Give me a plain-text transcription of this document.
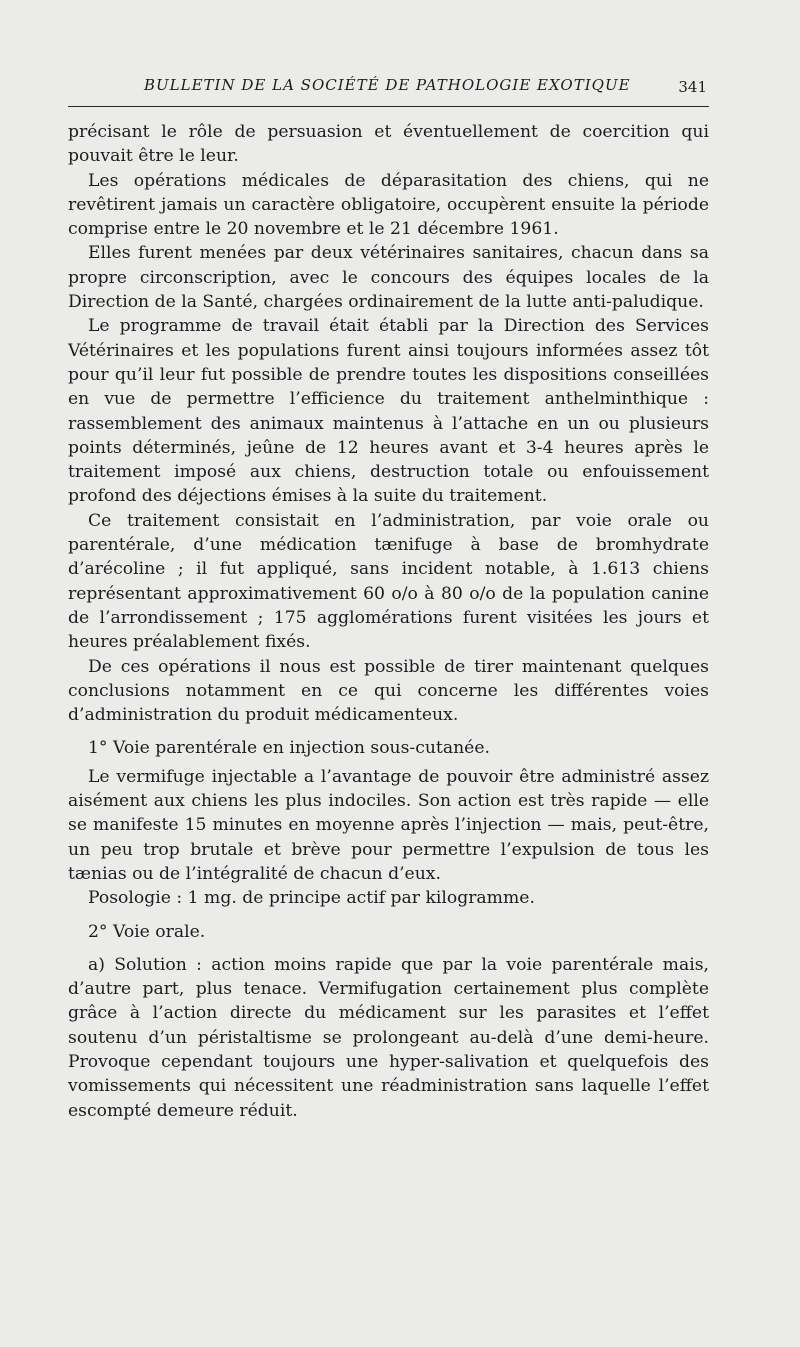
BULLETIN DE LA SOCIÉTÉ DE PATHOLOGIE EXOTIQUE	341

précisant le rôle de persuasion et éventuellement de coercition qui pouvait être le leur.

Les opérations médicales de déparasitation des chiens, qui ne revêtirent jamais un caractère obligatoire, occupèrent ensuite la période comprise entre le 20 novembre et le 21 décembre 1961.

Elles furent menées par deux vétérinaires sanitaires, chacun dans sa propre circonscription, avec le concours des équipes locales de la Direction de la Santé, chargées ordinairement de la lutte anti-paludique.

Le programme de travail était établi par la Direction des Services Vétérinaires et les populations furent ainsi toujours informées assez tôt pour qu’il leur fut possible de prendre toutes les dispositions conseillées en vue de permettre l’efficience du traitement anthelminthique : rassemblement des animaux maintenus à l’attache en un ou plusieurs points déterminés, jeûne de 12 heures avant et 3-4 heures après le traitement imposé aux chiens, destruction totale ou enfouissement profond des déjections émises à la suite du traitement.

Ce traitement consistait en l’administration, par voie orale ou parentérale, d’une médication tænifuge à base de bromhydrate d’arécoline ; il fut appliqué, sans incident notable, à 1.613 chiens représentant approximativement 60 o/o à 80 o/o de la population canine de l’arrondissement ; 175 agglomérations furent visitées les jours et heures préalablement fixés.

De ces opérations il nous est possible de tirer maintenant quelques conclusions notamment en ce qui concerne les différentes voies d’administration du produit médicamenteux.

1° Voie parentérale en injection sous-cutanée.

Le vermifuge injectable a l’avantage de pouvoir être administré assez aisément aux chiens les plus indociles. Son action est très rapide — elle se manifeste 15 minutes en moyenne après l’injection — mais, peut-être, un peu trop brutale et brève pour permettre l’expulsion de tous les tænias ou de l’intégralité de chacun d’eux.

Posologie : 1 mg. de principe actif par kilogramme.

2° Voie orale.

a) Solution : action moins rapide que par la voie parentérale mais, d’autre part, plus tenace. Vermifugation certainement plus complète grâce à l’action directe du médicament sur les parasites et l’effet soutenu d’un péristaltisme se prolongeant au-delà d’une demi-heure. Provoque cependant toujours une hyper-salivation et quelquefois des vomissements qui nécessitent une réadministration sans laquelle l’effet escompté demeure réduit.
